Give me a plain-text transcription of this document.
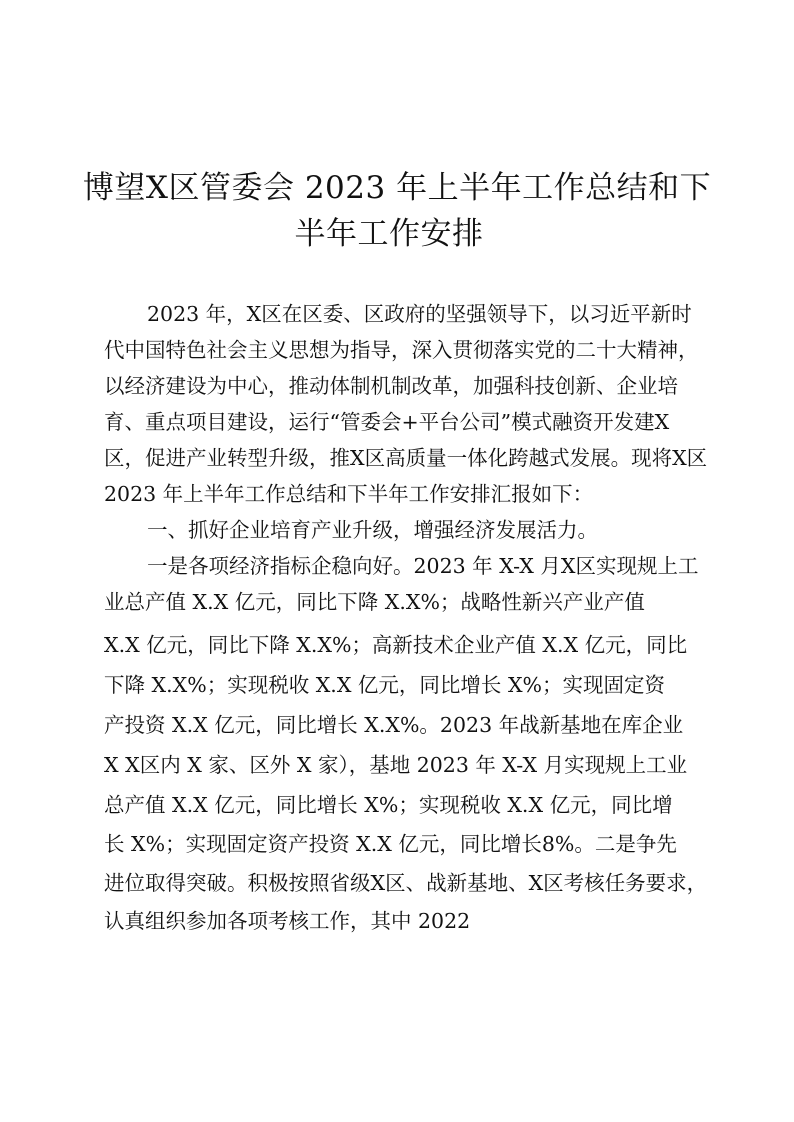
博望X区管委会 2023 年上半年工作总结和下
半年工作安排
2023 年，X区在区委、区政府的坚强领导下，以习近平新时
代中国特色社会主义思想为指导，深入贯彻落实党的二十大精神，
以经济建设为中心，推动体制机制改革，加强科技创新、企业培
育、重点项目建设，运行“管委会+平台公司”模式融资开发建X
区，促进产业转型升级，推X区高质量一体化跨越式发展。现将X区
2023 年上半年工作总结和下半年工作安排汇报如下：
一、抓好企业培育产业升级，增强经济发展活力。
一是各项经济指标企稳向好。2023 年 X-X 月X区实现规上工
业总产值 X.X 亿元，同比下降 X.X%；战略性新兴产业产值
X.X 亿元，同比下降 X.X%；高新技术企业产值 X.X 亿元，同比
下降 X.X%；实现税收 X.X 亿元，同比增长 X%；实现固定资
产投资 X.X 亿元，同比增长 X.X%。2023 年战新基地在库企业
X X区内 X 家、区外 X 家），基地 2023 年 X-X 月实现规上工业
总产值 X.X 亿元，同比增长 X%；实现税收 X.X 亿元，同比增
长 X%；实现固定资产投资 X.X 亿元，同比增长8%。二是争先
进位取得突破。积极按照省级X区、战新基地、X区考核任务要求，
认真组织参加各项考核工作，其中 2022
